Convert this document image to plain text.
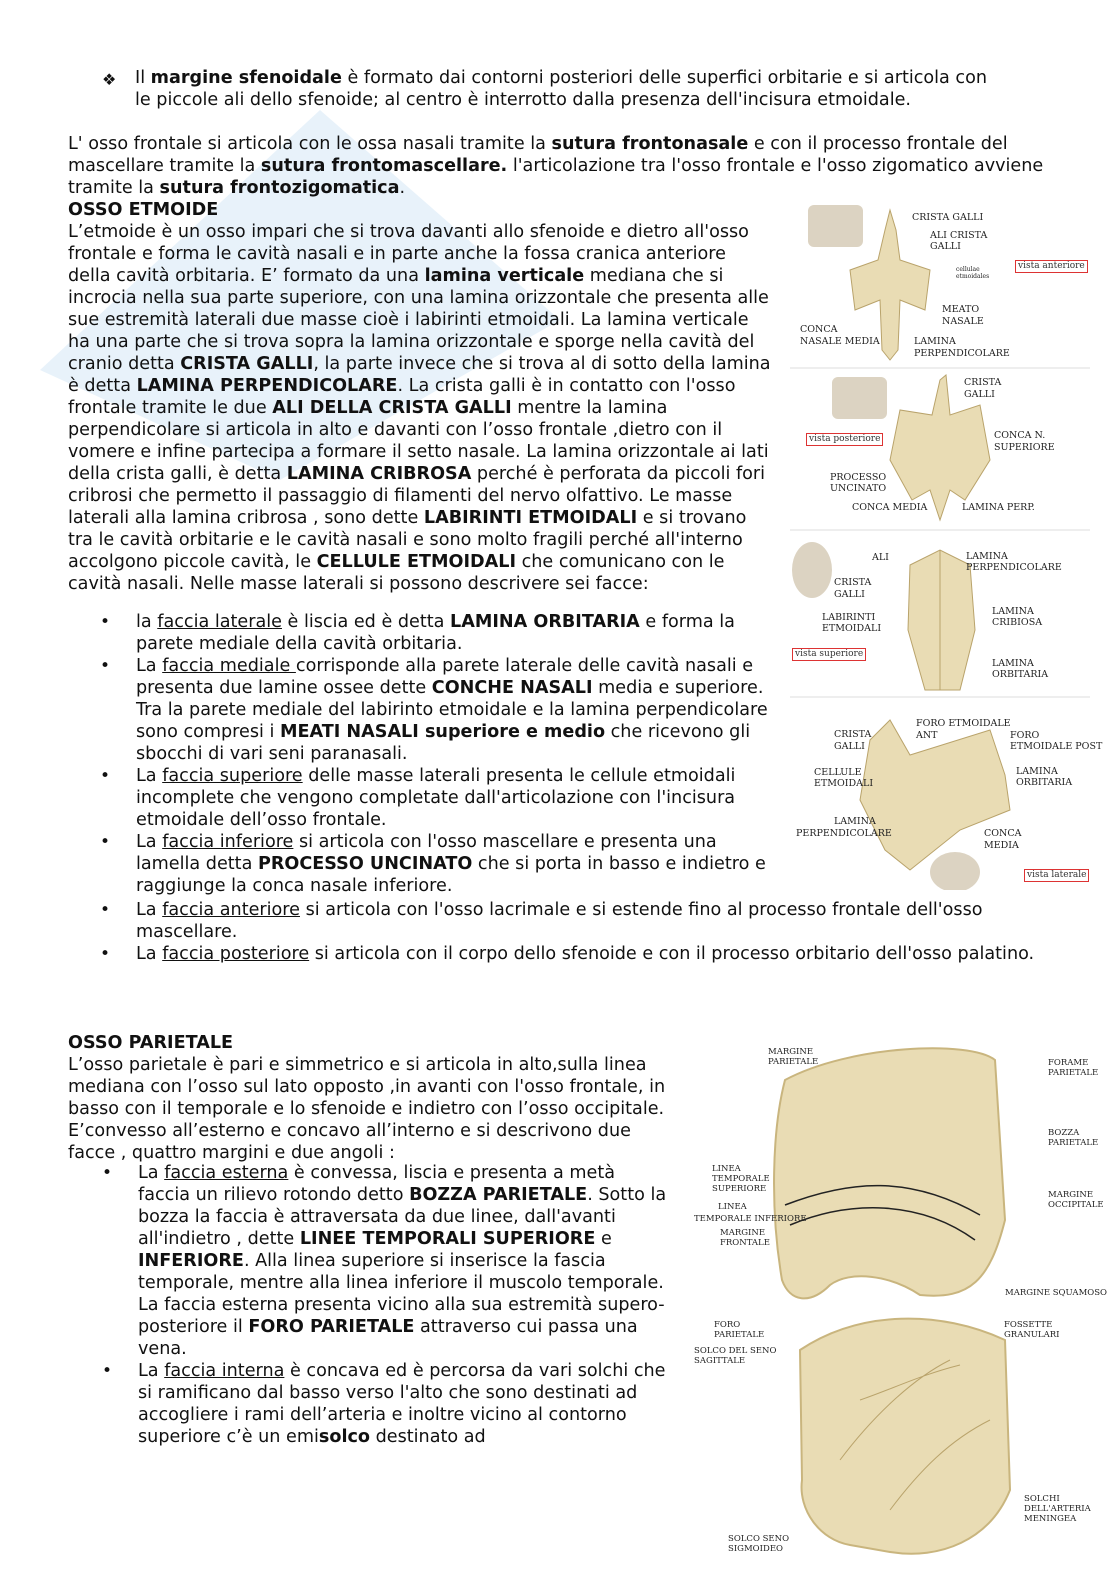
❖	Il margine sfenoidale è formato dai contorni posteriori delle superfici orbitarie e si articola con

le piccole ali dello sfenoide; al centro è interrotto dalla presenza dell'incisura etmoidale.

L' osso frontale si articola con le ossa nasali tramite la sutura frontonasale e con il processo frontale del mascellare tramite la sutura frontomascellare. l'articolazione tra l'osso frontale e l'osso zigomatico avviene tramite la sutura frontozigomatica.

OSSO ETMOIDE

L’etmoide è un osso impari che si trova davanti allo sfenoide e dietro all'osso frontale e forma le cavità nasali e in parte anche la fossa cranica anteriore della cavità orbitaria. E’ formato da una lamina verticale mediana che si incrocia nella sua parte superiore, con una lamina orizzontale che presenta alle sue estremità laterali due masse cioè i labirinti etmoidali. La lamina verticale ha una parte che si trova sopra la lamina orizzontale e sporge nella cavità del cranio detta CRISTA GALLI, la parte invece che si trova al di sotto della lamina è detta LAMINA PERPENDICOLARE. La crista galli è in contatto con l'osso frontale tramite le due ALI DELLA CRISTA GALLI mentre la lamina perpendicolare si articola in alto e davanti con l’osso frontale ,dietro con il vomere e infine partecipa a formare il setto nasale. La lamina orizzontale ai lati della crista galli, è detta LAMINA CRIBROSA perché è perforata da piccoli fori cribrosi che permetto il passaggio di filamenti del nervo olfattivo. Le masse laterali alla lamina cribrosa , sono dette LABIRINTI ETMOIDALI e si trovano tra le cavità orbitarie e le cavità nasali e sono molto fragili perché all'interno accolgono piccole cavità, le CELLULE ETMOIDALI che comunicano con le cavità nasali. Nelle masse laterali si possono descrivere sei facce:

• la faccia laterale è liscia ed è detta LAMINA ORBITARIA e forma la parete mediale della cavità orbitaria.
• La faccia mediale corrisponde alla parete laterale delle cavità nasali e presenta due lamine ossee dette CONCHE NASALI media e superiore. Tra la parete mediale del labirinto etmoidale e la lamina perpendicolare sono compresi i MEATI NASALI superiore e medio che ricevono gli sbocchi di vari seni paranasali.
• La faccia superiore delle masse laterali presenta le cellule etmoidali incomplete che vengono completate dall'articolazione con l'incisura etmoidale dell’osso frontale.
• La faccia inferiore si articola con l'osso mascellare e presenta una lamella detta PROCESSO UNCINATO che si porta in basso e indietro e raggiunge la conca nasale inferiore.
• La faccia anteriore si articola con l'osso lacrimale e si estende fino al processo frontale dell'osso mascellare.
• La faccia posteriore si articola con il corpo dello sfenoide e con il processo orbitario dell'osso palatino.
OSSO PARIETALE

L’osso parietale è pari e simmetrico e si articola in alto,sulla linea mediana con l’osso sul lato opposto ,in avanti con l'osso frontale, in basso con il temporale e lo sfenoide e indietro con l’osso occipitale. E’convesso all’esterno e concavo all’interno e si descrivono due facce , quattro margini e due angoli :

• La faccia esterna è convessa, liscia e presenta a metà faccia un rilievo rotondo detto BOZZA PARIETALE. Sotto la bozza la faccia è attraversata da due linee, dall'avanti all'indietro , dette LINEE TEMPORALI SUPERIORE e INFERIORE. Alla linea superiore si inserisce la fascia temporale, mentre alla linea inferiore il muscolo temporale. La faccia esterna presenta vicino alla sua estremità supero-posteriore il FORO PARIETALE attraverso cui passa una vena.
• La faccia interna è concava ed è percorsa da vari solchi che si ramificano dal basso verso l'alto che sono destinati ad accogliere i rami dell’arteria e inoltre vicino al contorno superiore c’è un emisolco destinato ad
CRISTA GALLI
ALI CRISTA
GALLI
cellulae
etmoidales
vista anteriore
MEATO
NASALE
CONCA
NASALE MEDIA	LAMINA
PERPENDICOLARE
CRISTA
GALLI
vista posteriore	CONCA N.
SUPERIORE
PROCESSO
UNCINATO
CONCA MEDIA	LAMINA PERP.
ALI
CRISTA
GALLI
LAMINA
PERPENDICOLARE
LABIRINTI
ETMOIDALI
LAMINA
CRIBIOSA
vista superiore
LAMINA
ORBITARIA
FORO ETMOIDALE
ANT	FORO
ETMOIDALE POST
CRISTA
GALLI
CELLULE
ETMOIDALI
LAMINA
ORBITARIA
LAMINA
PERPENDICOLARE	CONCA
MEDIA
vista laterale
MARGINE
PARIETALE	FORAME
PARIETALE
BOZZA
PARIETALE
LINEA
TEMPORALE
SUPERIORE
LINEA
TEMPORALE INFERIORE
MARGINE
FRONTALE
MARGINE
OCCIPITALE
MARGINE SQUAMOSO
FORO
PARIETALE
SOLCO DEL SENO
SAGITTALE
FOSSETTE
GRANULARI
SOLCHI
DELL'ARTERIA
MENINGEA
SOLCO SENO
SIGMOIDEO
